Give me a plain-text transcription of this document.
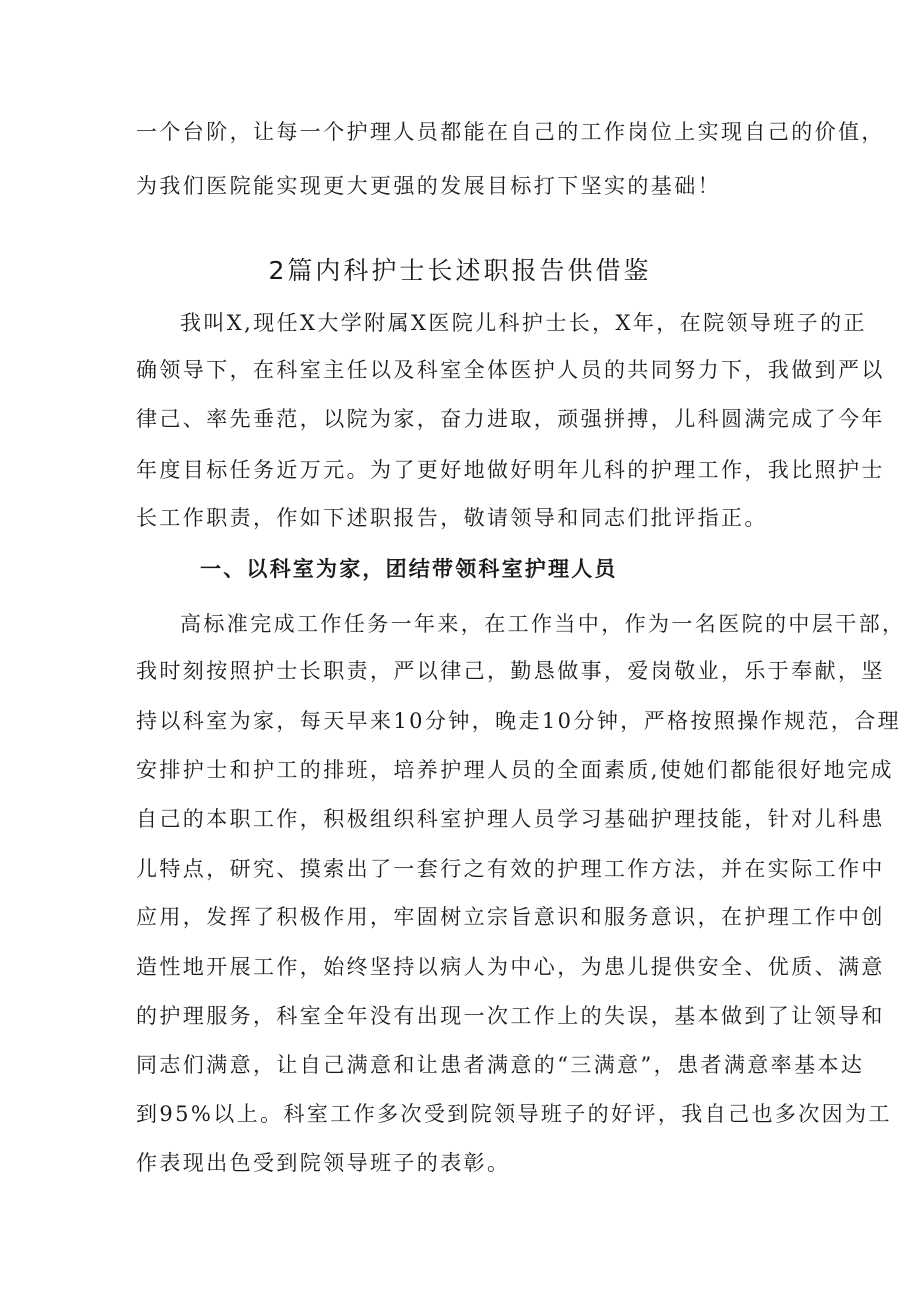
一个台阶，让每一个护理人员都能在自己的工作岗位上实现自己的价值，
为我们医院能实现更大更强的发展目标打下坚实的基础！
2篇内科护士长述职报告供借鉴
我叫X,现任X大学附属X医院儿科护士长，X年，在院领导班子的正
确领导下，在科室主任以及科室全体医护人员的共同努力下，我做到严以
律己、率先垂范，以院为家，奋力进取，顽强拼搏，儿科圆满完成了今年
年度目标任务近万元。为了更好地做好明年儿科的护理工作，我比照护士
长工作职责，作如下述职报告，敬请领导和同志们批评指正。
一、以科室为家，团结带领科室护理人员
高标准完成工作任务一年来，在工作当中，作为一名医院的中层干部，
我时刻按照护士长职责，严以律己，勤恳做事，爱岗敬业，乐于奉献，坚
持以科室为家，每天早来10分钟，晚走10分钟，严格按照操作规范，合理
安排护士和护工的排班，培养护理人员的全面素质,使她们都能很好地完成
自己的本职工作，积极组织科室护理人员学习基础护理技能，针对儿科患
儿特点，研究、摸索出了一套行之有效的护理工作方法，并在实际工作中
应用，发挥了积极作用，牢固树立宗旨意识和服务意识，在护理工作中创
造性地开展工作，始终坚持以病人为中心，为患儿提供安全、优质、满意
的护理服务，科室全年没有出现一次工作上的失误，基本做到了让领导和
同志们满意，让自己满意和让患者满意的“三满意”，患者满意率基本达
到95%以上。科室工作多次受到院领导班子的好评，我自己也多次因为工
作表现出色受到院领导班子的表彰。
